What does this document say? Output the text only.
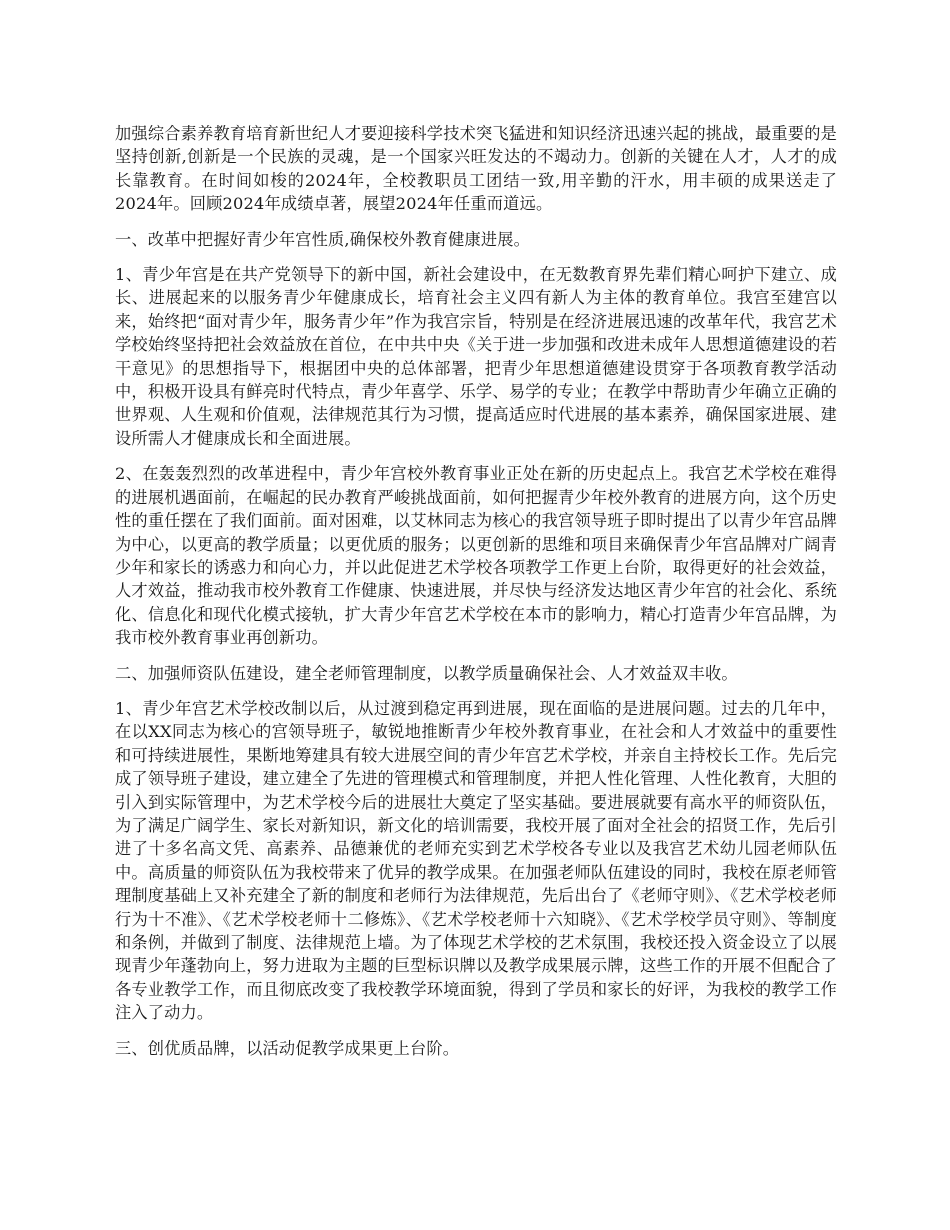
加强综合素养教育培育新世纪人才要迎接科学技术突飞猛进和知识经济迅速兴起的挑战，最重要的是坚持创新,创新是一个民族的灵魂，是一个国家兴旺发达的不竭动力。创新的关键在人才，人才的成长靠教育。在时间如梭的2024年，全校教职员工团结一致,用辛勤的汗水，用丰硕的成果送走了2024年。回顾2024年成绩卓著，展望2024年任重而道远。

一、改革中把握好青少年宫性质,确保校外教育健康进展。

1、青少年宫是在共产党领导下的新中国，新社会建设中，在无数教育界先辈们精心呵护下建立、成长、进展起来的以服务青少年健康成长，培育社会主义四有新人为主体的教育单位。我宫至建宫以来，始终把“面对青少年，服务青少年”作为我宫宗旨，特别是在经济进展迅速的改革年代，我宫艺术学校始终坚持把社会效益放在首位，在中共中央《关于进一步加强和改进未成年人思想道德建设的若干意见》的思想指导下，根据团中央的总体部署，把青少年思想道德建设贯穿于各项教育教学活动中，积极开设具有鲜亮时代特点，青少年喜学、乐学、易学的专业；在教学中帮助青少年确立正确的世界观、人生观和价值观，法律规范其行为习惯，提高适应时代进展的基本素养，确保国家进展、建设所需人才健康成长和全面进展。

2、在轰轰烈烈的改革进程中，青少年宫校外教育事业正处在新的历史起点上。我宫艺术学校在难得的进展机遇面前，在崛起的民办教育严峻挑战面前，如何把握青少年校外教育的进展方向，这个历史性的重任摆在了我们面前。面对困难，以艾林同志为核心的我宫领导班子即时提出了以青少年宫品牌为中心，以更高的教学质量；以更优质的服务；以更创新的思维和项目来确保青少年宫品牌对广阔青少年和家长的诱惑力和向心力，并以此促进艺术学校各项教学工作更上台阶，取得更好的社会效益，人才效益，推动我市校外教育工作健康、快速进展，并尽快与经济发达地区青少年宫的社会化、系统化、信息化和现代化模式接轨，扩大青少年宫艺术学校在本市的影响力，精心打造青少年宫品牌，为我市校外教育事业再创新功。

二、加强师资队伍建设，建全老师管理制度，以教学质量确保社会、人才效益双丰收。

1、青少年宫艺术学校改制以后，从过渡到稳定再到进展，现在面临的是进展问题。过去的几年中，在以XX同志为核心的宫领导班子，敏锐地推断青少年校外教育事业，在社会和人才效益中的重要性和可持续进展性，果断地筹建具有较大进展空间的青少年宫艺术学校，并亲自主持校长工作。先后完成了领导班子建设，建立建全了先进的管理模式和管理制度，并把人性化管理、人性化教育，大胆的引入到实际管理中，为艺术学校今后的进展壮大奠定了坚实基础。要进展就要有高水平的师资队伍，为了满足广阔学生、家长对新知识，新文化的培训需要，我校开展了面对全社会的招贤工作，先后引进了十多名高文凭、高素养、品德兼优的老师充实到艺术学校各专业以及我宫艺术幼儿园老师队伍中。高质量的师资队伍为我校带来了优异的教学成果。在加强老师队伍建设的同时，我校在原老师管理制度基础上又补充建全了新的制度和老师行为法律规范，先后出台了《老师守则》、《艺术学校老师行为十不准》、《艺术学校老师十二修炼》、《艺术学校老师十六知晓》、《艺术学校学员守则》、等制度和条例，并做到了制度、法律规范上墙。为了体现艺术学校的艺术氛围，我校还投入资金设立了以展现青少年蓬勃向上，努力进取为主题的巨型标识牌以及教学成果展示牌，这些工作的开展不但配合了各专业教学工作，而且彻底改变了我校教学环境面貌，得到了学员和家长的好评，为我校的教学工作注入了动力。

三、创优质品牌，以活动促教学成果更上台阶。
